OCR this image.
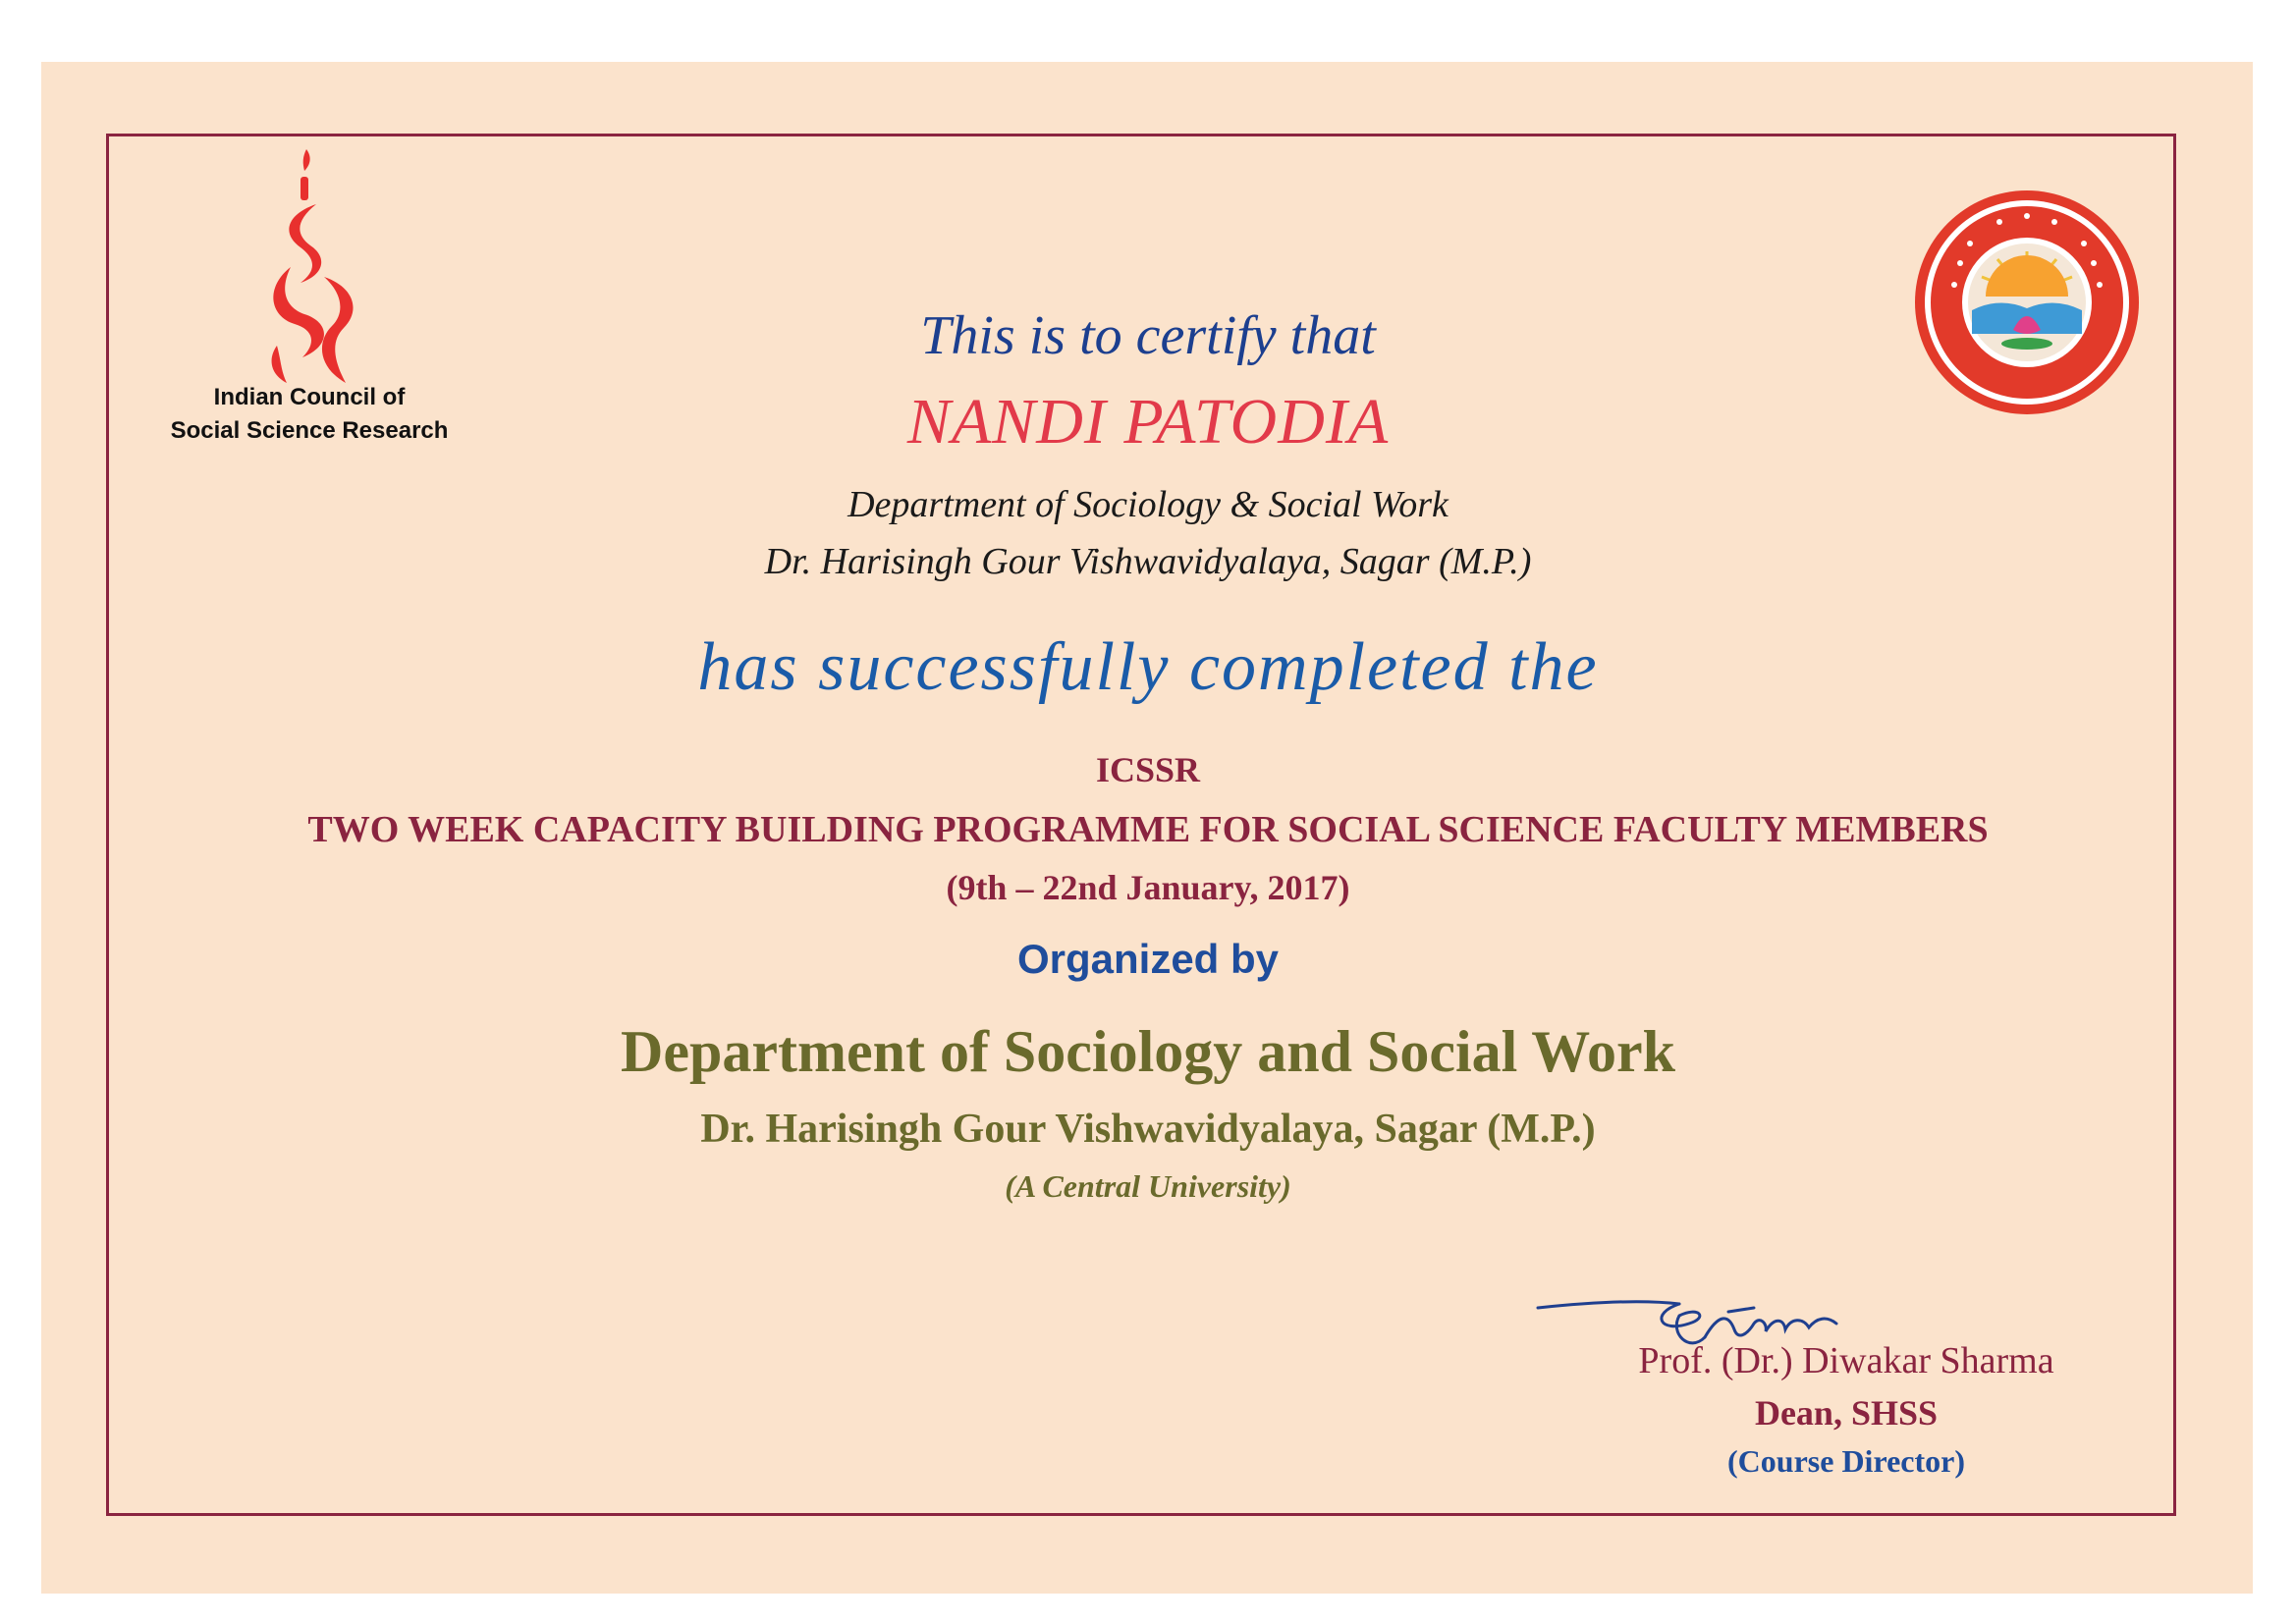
Indian Council of
Social Science Research

This is to certify that

NANDI PATODIA

Department of Sociology & Social Work

Dr. Harisingh Gour Vishwavidyalaya, Sagar (M.P.)

has successfully completed the

ICSSR

TWO WEEK CAPACITY BUILDING PROGRAMME FOR SOCIAL SCIENCE FACULTY MEMBERS

(9th – 22nd January, 2017)

Organized by

Department of Sociology and Social Work

Dr. Harisingh Gour Vishwavidyalaya, Sagar (M.P.)

(A Central University)

Prof. (Dr.) Diwakar Sharma

Dean, SHSS

(Course Director)
